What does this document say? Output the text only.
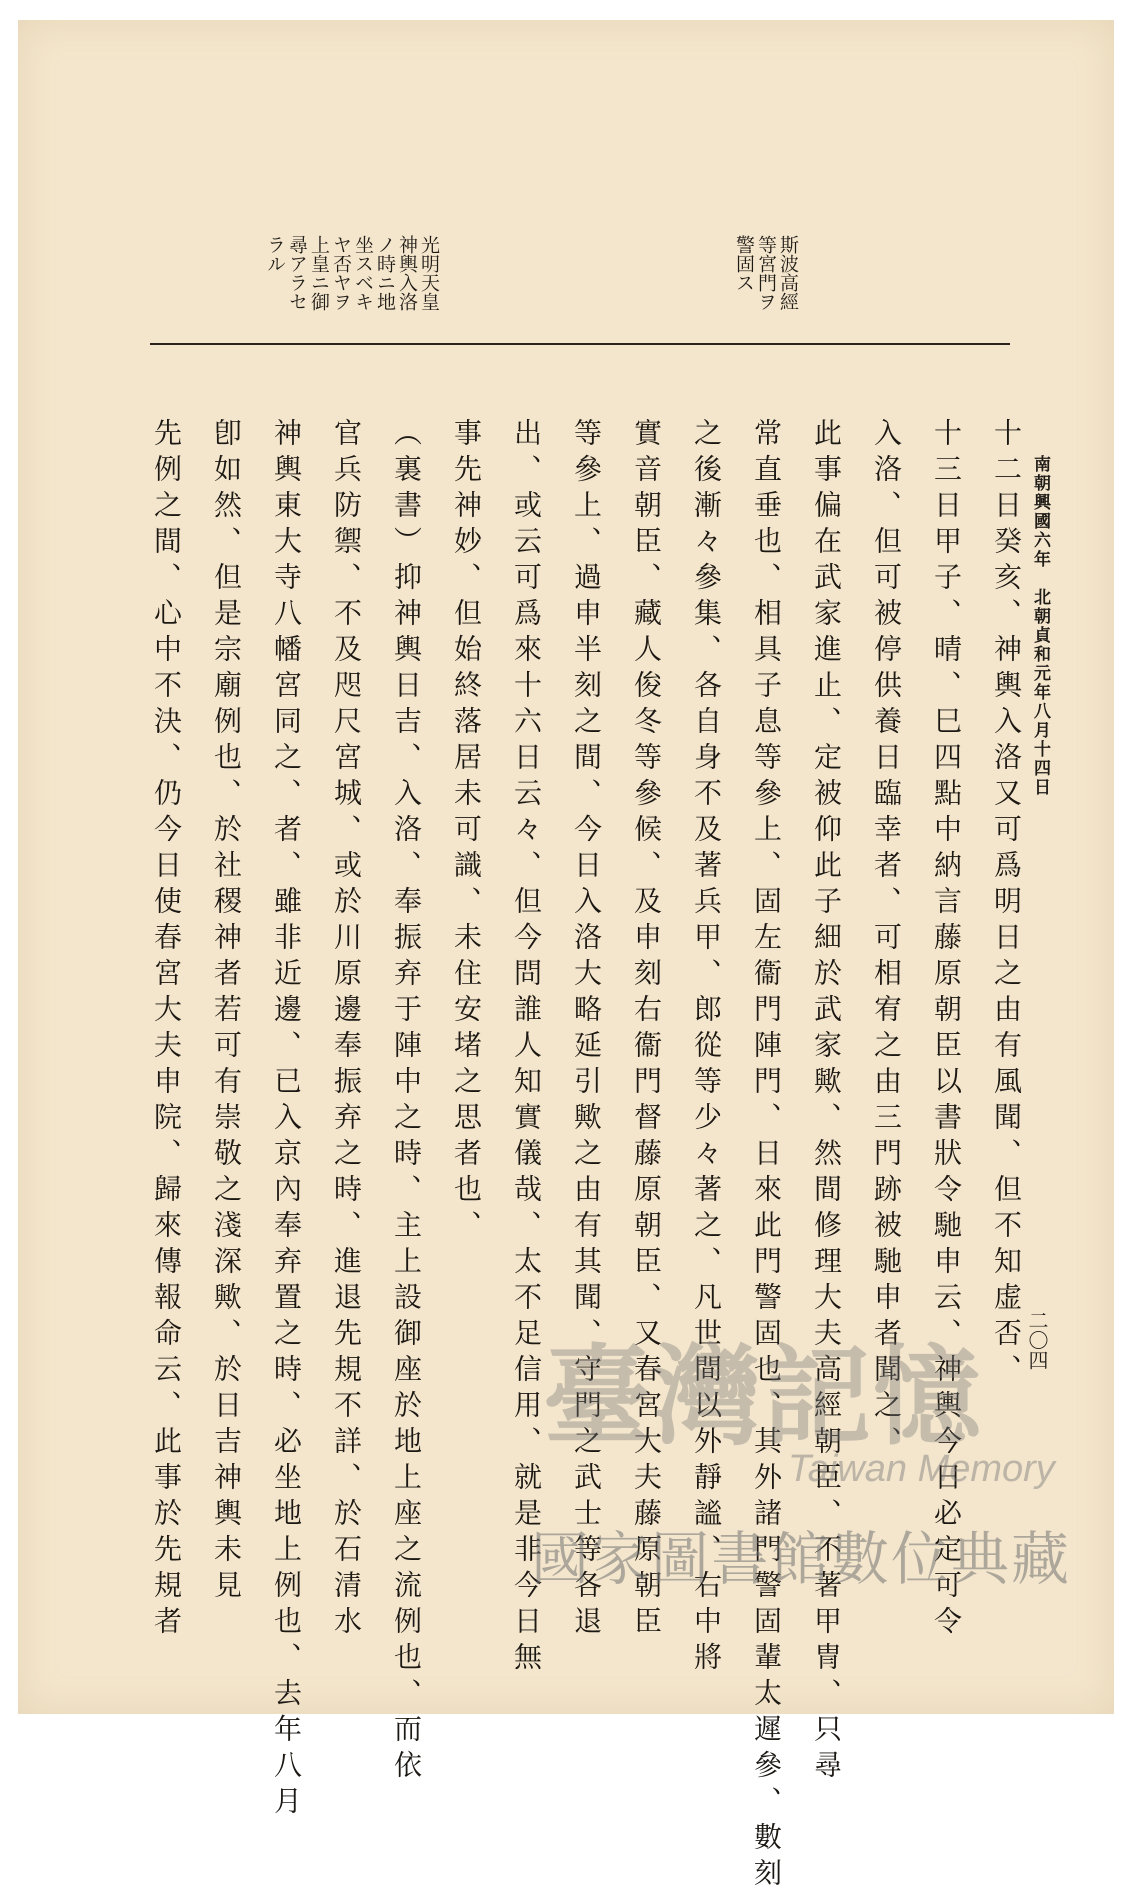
南朝興國六年　北朝貞和元年八月十四日
二〇四
斯波高經
等宮門ヲ
警固ス
光明天皇
神輿入洛
ノ時ニ地
坐スベキ
ヤ否ヤヲ
上皇ニ御
尋アラセ
ラル
十二日癸亥、神輿入洛又可爲明日之由有風聞、但不知虚否、
十三日甲子、晴、巳四點中納言藤原朝臣以書狀令馳申云、神輿今日必定可令
入洛、但可被停供養日臨幸者、可相宥之由三門跡被馳申者聞之、
此事偏在武家進止、定被仰此子細於武家歟、然間修理大夫高經朝臣、不著甲冑、只尋
常直垂也、相具子息等參上、固左衞門陣門、日來此門警固也、其外諸門警固輩太遲參、數刻
之後漸々參集、各自身不及著兵甲、郎從等少々著之、凡世間以外靜謐、右中將
實音朝臣、藏人俊冬等參候、及申刻右衞門督藤原朝臣、又春宮大夫藤原朝臣
等參上、過申半刻之間、今日入洛大略延引歟之由有其聞、守門之武士等各退
出、或云可爲來十六日云々、但今問誰人知實儀哉、太不足信用、就是非今日無
事先神妙、但始終落居未可識、未住安堵之思者也、
（裏書）抑神輿日吉、入洛、奉振弃于陣中之時、主上設御座於地上座之流例也、而依
官兵防禦、不及咫尺宮城、或於川原邊奉振弃之時、進退先規不詳、於石清水
神輿東大寺八幡宮同之、者、雖非近邊、已入京內奉弃置之時、必坐地上例也、去年八月
卽如然、但是宗廟例也、於社稷神者若可有崇敬之淺深歟、於日吉神輿未見
先例之間、心中不決、仍今日使春宮大夫申院、歸來傳報命云、此事於先規者	臺灣記憶
Taiwan Memory
國家圖書館數位典藏
